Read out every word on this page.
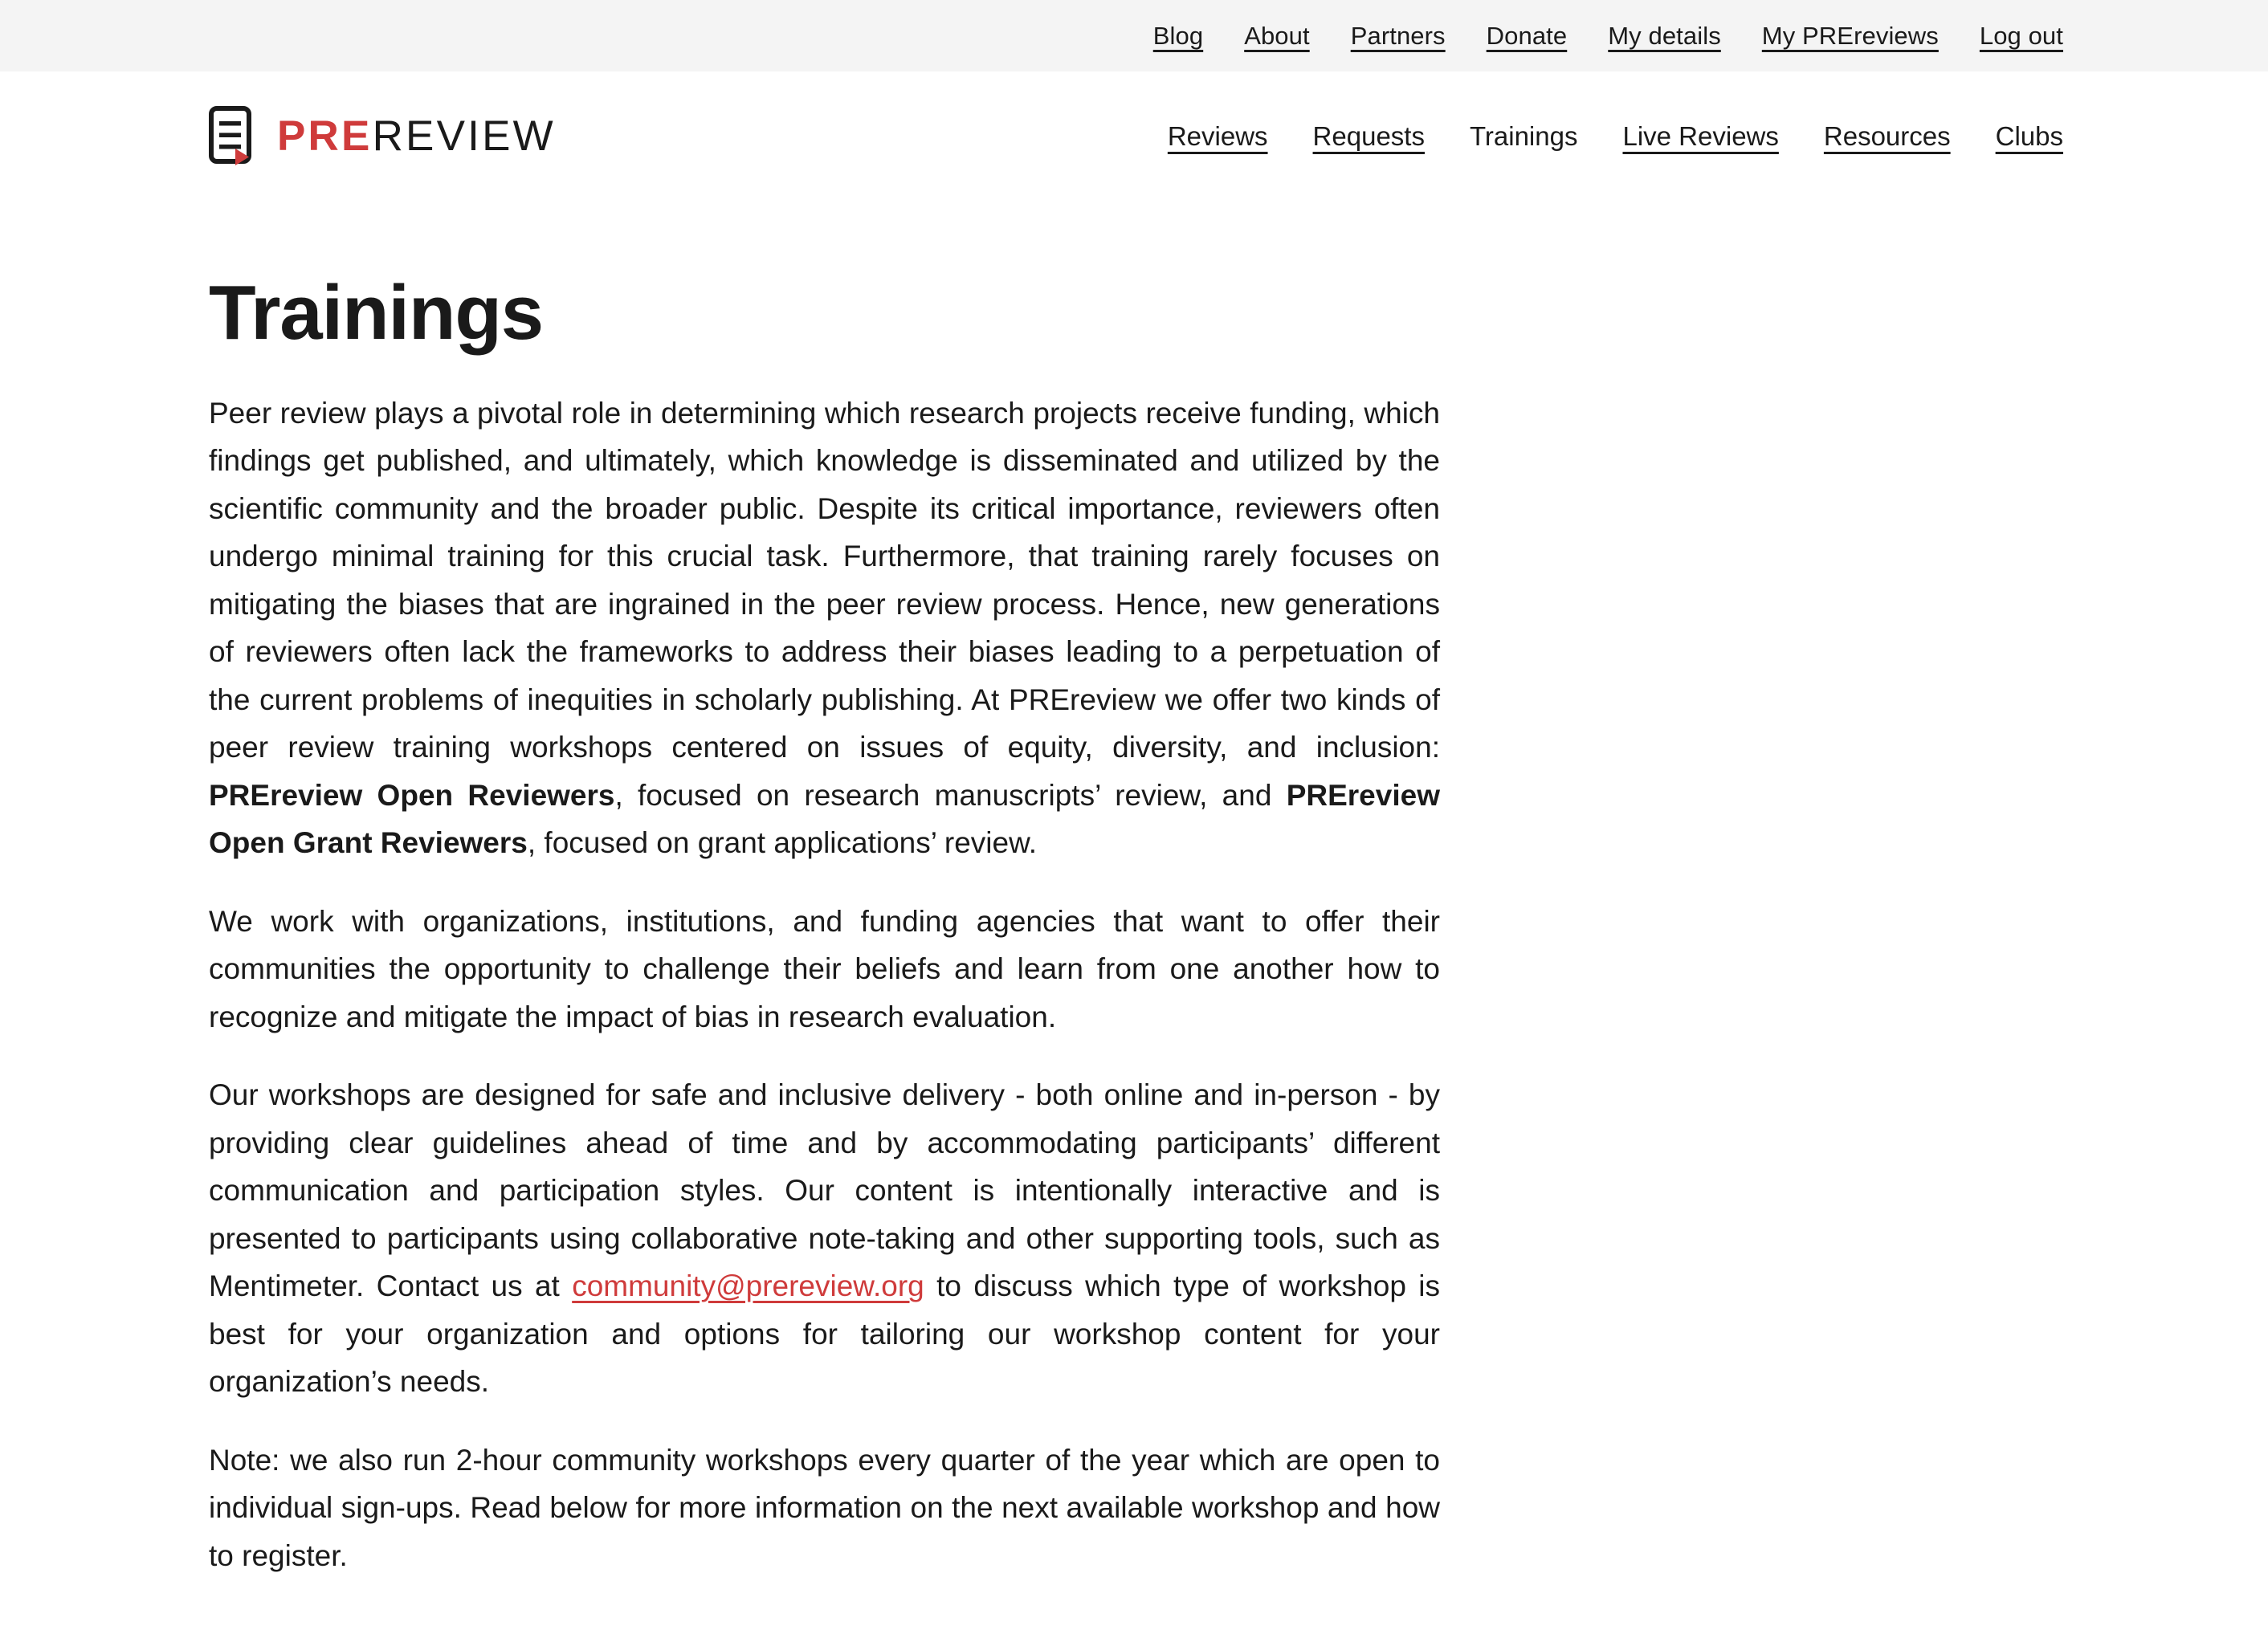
Blog About Partners Donate My details My PREreviews Log out
PRE REVIEW	Reviews Requests Trainings Live Reviews Resources Clubs
Trainings

Peer review plays a pivotal role in determining which research projects receive funding, which findings get published, and ultimately, which knowledge is disseminated and utilized by the scientific community and the broader public. Despite its critical importance, reviewers often undergo minimal training for this crucial task. Furthermore, that training rarely focuses on mitigating the biases that are ingrained in the peer review process. Hence, new generations of reviewers often lack the frameworks to address their biases leading to a perpetuation of the current problems of inequities in scholarly publishing. At PREreview we offer two kinds of peer review training workshops centered on issues of equity, diversity, and inclusion: PREreview Open Reviewers, focused on research manuscripts’ review, and PREreview Open Grant Reviewers, focused on grant applications’ review.

We work with organizations, institutions, and funding agencies that want to offer their communities the opportunity to challenge their beliefs and learn from one another how to recognize and mitigate the impact of bias in research evaluation.

Our workshops are designed for safe and inclusive delivery - both online and in-person - by providing clear guidelines ahead of time and by accommodating participants’ different communication and participation styles. Our content is intentionally interactive and is presented to participants using collaborative note-taking and other supporting tools, such as Mentimeter. Contact us at community@prereview.org to discuss which type of workshop is best for your organization and options for tailoring our workshop content for your organization’s needs.

Note: we also run 2-hour community workshops every quarter of the year which are open to individual sign-ups. Read below for more information on the next available workshop and how to register.
